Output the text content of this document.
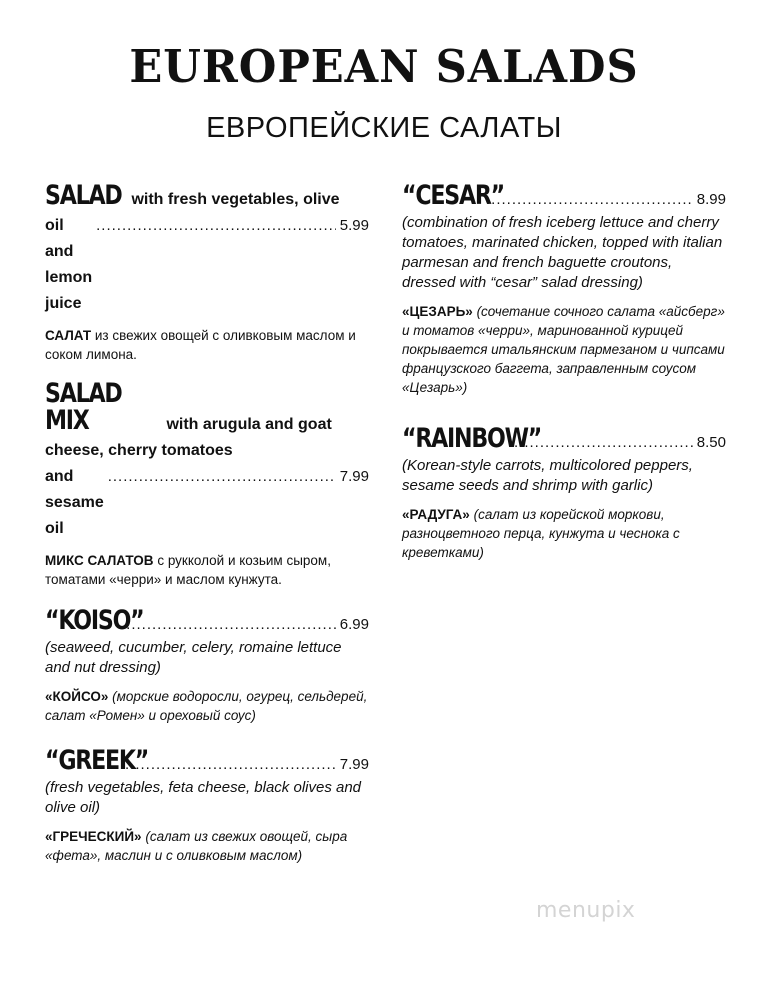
EUROPEAN SALADS
ЕВРОПЕЙСКИЕ САЛАТЫ
SALAD with fresh vegetables, olive
oil and lemon juice
.....
5.99
САЛАТ из свежих овощей с оливковым маслом и соком лимона.
SALAD MIX	with arugula and goat
cheese, cherry tomatoes
and sesame oil
.....
7.99
МИКС САЛАТОВ с рукколой и козьим сыром, томатами «черри» и маслом кунжута.
“KOISO” .....	6.99
(seaweed, cucumber, celery, romaine lettuce and nut dressing)
«КОЙСО» (морские водоросли, огурец, сельдерей, салат «Ромен» и ореховый соус)
“GREEK” .....	7.99
(fresh vegetables, feta cheese, black olives and olive oil)
«ГРЕЧЕСКИЙ» (салат из свежих овощей, сыра «фета», маслин и с оливковым маслом)
“CESAR” .....	8.99
(combination of fresh iceberg lettuce and cherry tomatoes, marinated chicken, topped with italian parmesan and french baguette croutons, dressed with “cesar” salad dressing)
«ЦЕЗАРЬ» (сочетание сочного салата «айсберг» и томатов «черри», маринованной курицей покрывается итальянским пармезаном и чипсами французского баггета, заправленным соусом «Цезарь»)
“RAINBOW” .....	8.50
(Korean-style carrots, multicolored peppers, sesame seeds and shrimp with garlic)
«РАДУГА» (салат из корейской моркови, разноцветного перца, кунжута и чеснока с креветками)
menupix
